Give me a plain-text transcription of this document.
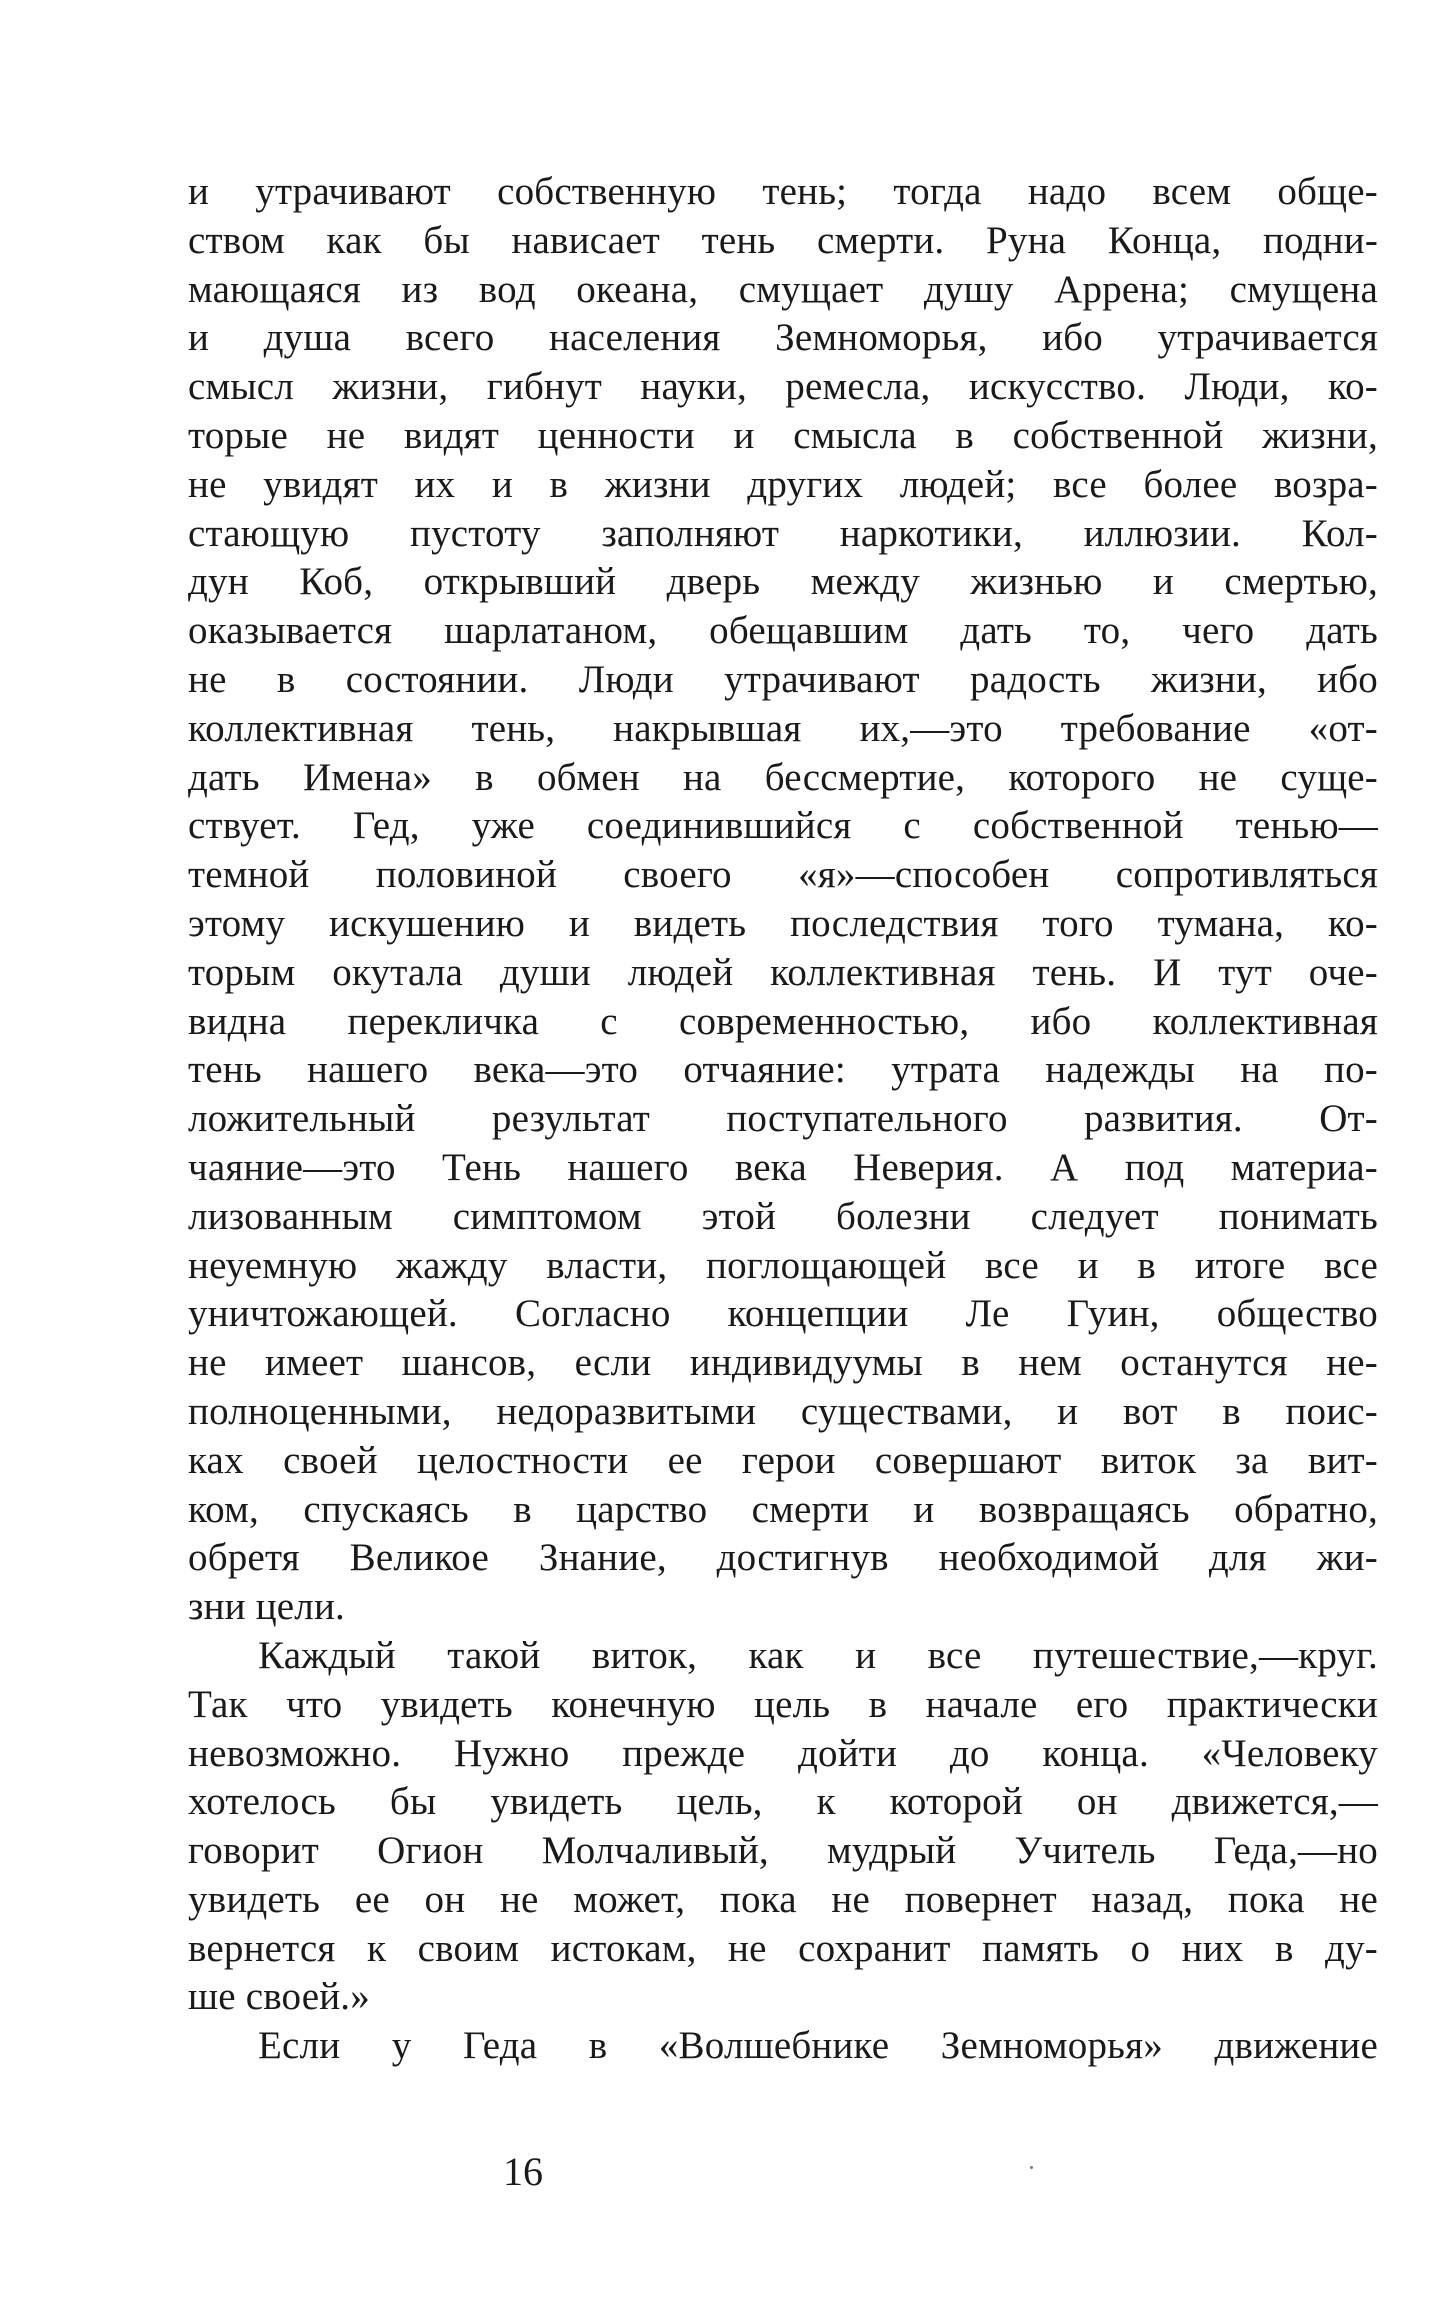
и утрачивают собственную тень; тогда надо всем обще-
ством как бы нависает тень смерти. Руна Конца, подни-
мающаяся из вод океана, смущает душу Аррена; смущена
и душа всего населения Земноморья, ибо утрачивается
смысл жизни, гибнут науки, ремесла, искусство. Люди, ко-
торые не видят ценности и смысла в собственной жизни,
не увидят их и в жизни других людей; все более возра-
стающую пустоту заполняют наркотики, иллюзии. Кол-
дун Коб, открывший дверь между жизнью и смертью,
оказывается шарлатаном, обещавшим дать то, чего дать
не в состоянии. Люди утрачивают радость жизни, ибо
коллективная тень, накрывшая их,—это требование «от-
дать Имена» в обмен на бессмертие, которого не суще-
ствует. Гед, уже соединившийся с собственной тенью—
темной половиной своего «я»—способен сопротивляться
этому искушению и видеть последствия того тумана, ко-
торым окутала души людей коллективная тень. И тут оче-
видна перекличка с современностью, ибо коллективная
тень нашего века—это отчаяние: утрата надежды на по-
ложительный результат поступательного развития. От-
чаяние—это Тень нашего века Неверия. А под материа-
лизованным симптомом этой болезни следует понимать
неуемную жажду власти, поглощающей все и в итоге все
уничтожающей. Согласно концепции Ле Гуин, общество
не имеет шансов, если индивидуумы в нем останутся не-
полноценными, недоразвитыми существами, и вот в поис-
ках своей целостности ее герои совершают виток за вит-
ком, спускаясь в царство смерти и возвращаясь обратно,
обретя Великое Знание, достигнув необходимой для жи-
зни цели.
Каждый такой виток, как и все путешествие,—круг.
Так что увидеть конечную цель в начале его практически
невозможно. Нужно прежде дойти до конца. «Человеку
хотелось бы увидеть цель, к которой он движется,—
говорит Огион Молчаливый, мудрый Учитель Геда,—но
увидеть ее он не может, пока не повернет назад, пока не
вернется к своим истокам, не сохранит память о них в ду-
ше своей.»
Если у Геда в «Волшебнике Земноморья» движение
16
